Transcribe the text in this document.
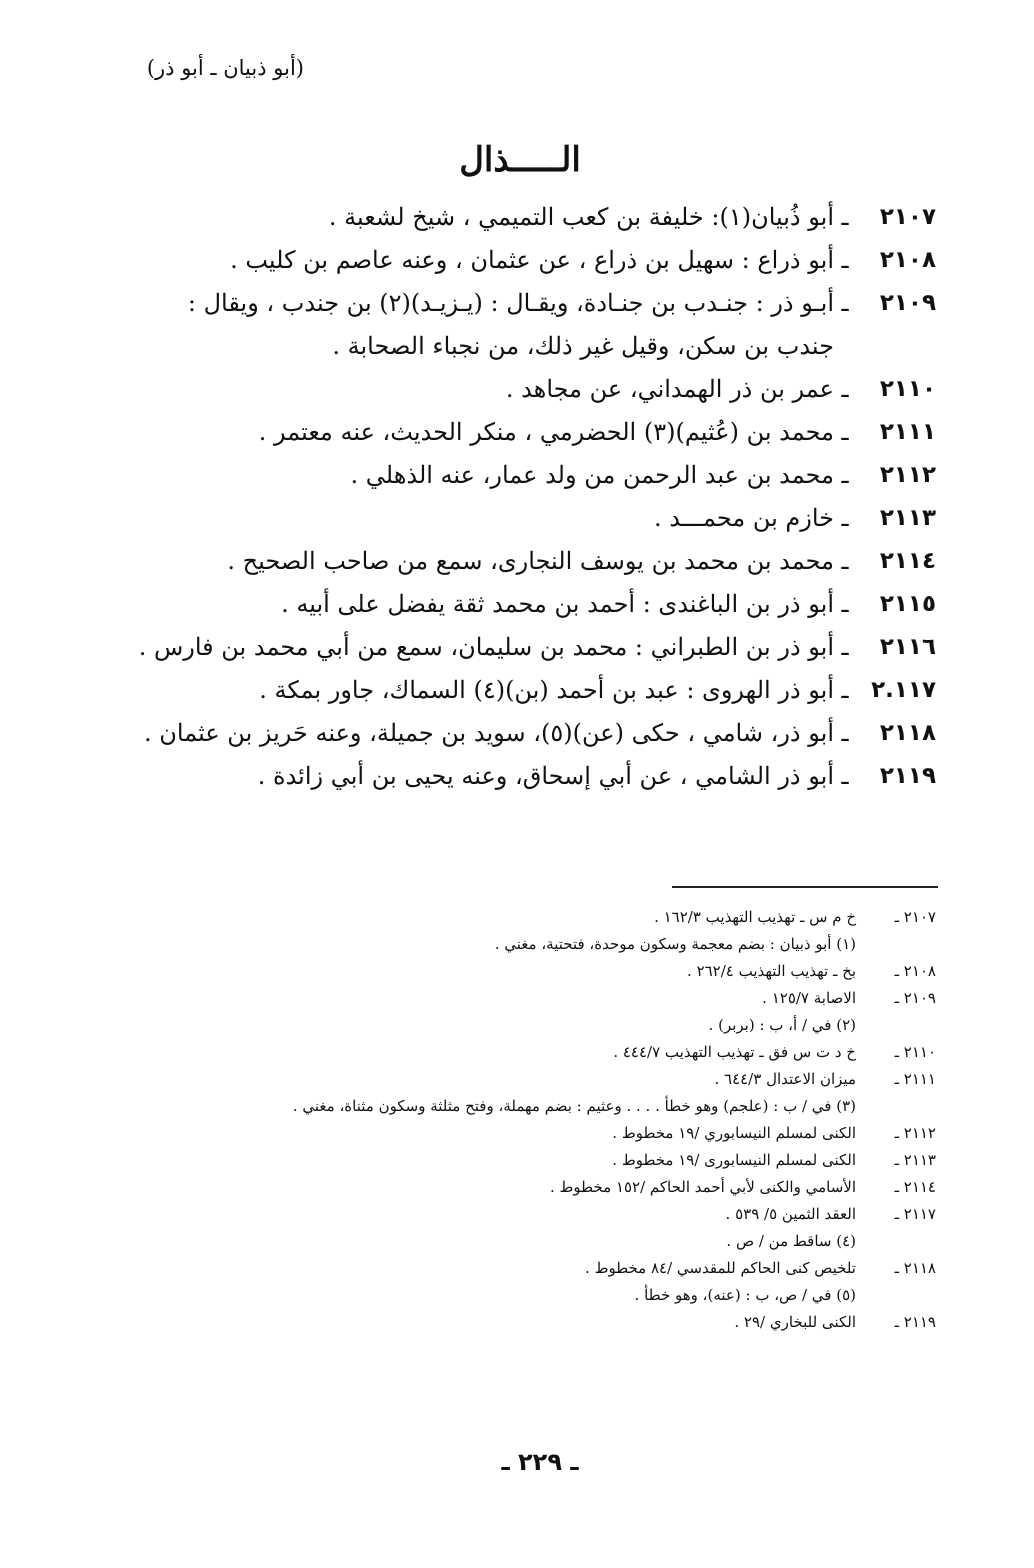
(أبو ذبيان ـ أبو ذر)
الـــــذال
٢١٠٧
ـ
أبو ذُبيان(١): خليفة بن كعب التميمي ، شيخ لشعبة .
٢١٠٨
ـ
أبو ذراع : سهيل بن ذراع ، عن عثمان ، وعنه عاصم بن كليب .
٢١٠٩
ـ
أبـو ذر : جنـدب بن جنـادة، ويقـال : (يـزيـد)(٢) بن جندب ، ويقال : جندب بن سكن، وقيل غير ذلك، من نجباء الصحابة .
٢١١٠
ـ
عمر بن ذر الهمداني، عن مجاهد .
٢١١١
ـ
محمد بن (عُثيم)(٣) الحضرمي ، منكر الحديث، عنه معتمر .
٢١١٢
ـ
محمد بن عبد الرحمن من ولد عمار، عنه الذهلي .
٢١١٣
ـ
خازم بن محمـــد .
٢١١٤
ـ
محمد بن محمد بن يوسف النجارى، سمع من صاحب الصحيح .
٢١١٥
ـ
أبو ذر بن الباغندى : أحمد بن محمد ثقة يفضل على أبيه .
٢١١٦
ـ
أبو ذر بن الطبراني : محمد بن سليمان، سمع من أبي محمد بن فارس .
٢.١١٧
ـ
أبو ذر الهروى : عبد بن أحمد (بن)(٤) السماك، جاور بمكة .
٢١١٨
ـ
أبو ذر، شامي ، حكى (عن)(٥)، سويد بن جميلة، وعنه حَريز بن عثمان .
٢١١٩
ـ
أبو ذر الشامي ، عن أبي إسحاق، وعنه يحيى بن أبي زائدة .
٢١٠٧ ـ
خ م س ـ تهذيب التهذيب ١٦٢/٣ .
(١) أبو ذبيان : بضم معجمة وسكون موحدة، فتحتية، مغني .
٢١٠٨ ـ
بخ ـ تهذيب التهذيب ٢٦٢/٤ .
٢١٠٩ ـ
الاصابة ١٢٥/٧ .
(٢) في / أ، ب : (بربر) .
٢١١٠ ـ
خ د ت س فق ـ تهذيب التهذيب ٤٤٤/٧ .
٢١١١ ـ
ميزان الاعتدال ٦٤٤/٣ .
(٣) في / ب : (علجم) وهو خطأ . . . . وعثيم : بضم مهملة، وفتح مثلثة وسكون مثناة، مغني .
٢١١٢ ـ
الكنى لمسلم النيسابوري /١٩ مخطوط .
٢١١٣ ـ
الكنى لمسلم النيسابورى /١٩ مخطوط .
٢١١٤ ـ
الأسامي والكنى لأبي أحمد الحاكم /١٥٢ مخطوط .
٢١١٧ ـ
العقد الثمين ٥/ ٥٣٩ .
(٤) ساقط من / ص .
٢١١٨ ـ
تلخيص كنى الحاكم للمقدسي /٨٤ مخطوط .
(٥) في / ص، ب : (عنه)، وهو خطأ .
٢١١٩ ـ
الكنى للبخاري /٢٩ .
ـ ٢٢٩ ـ
